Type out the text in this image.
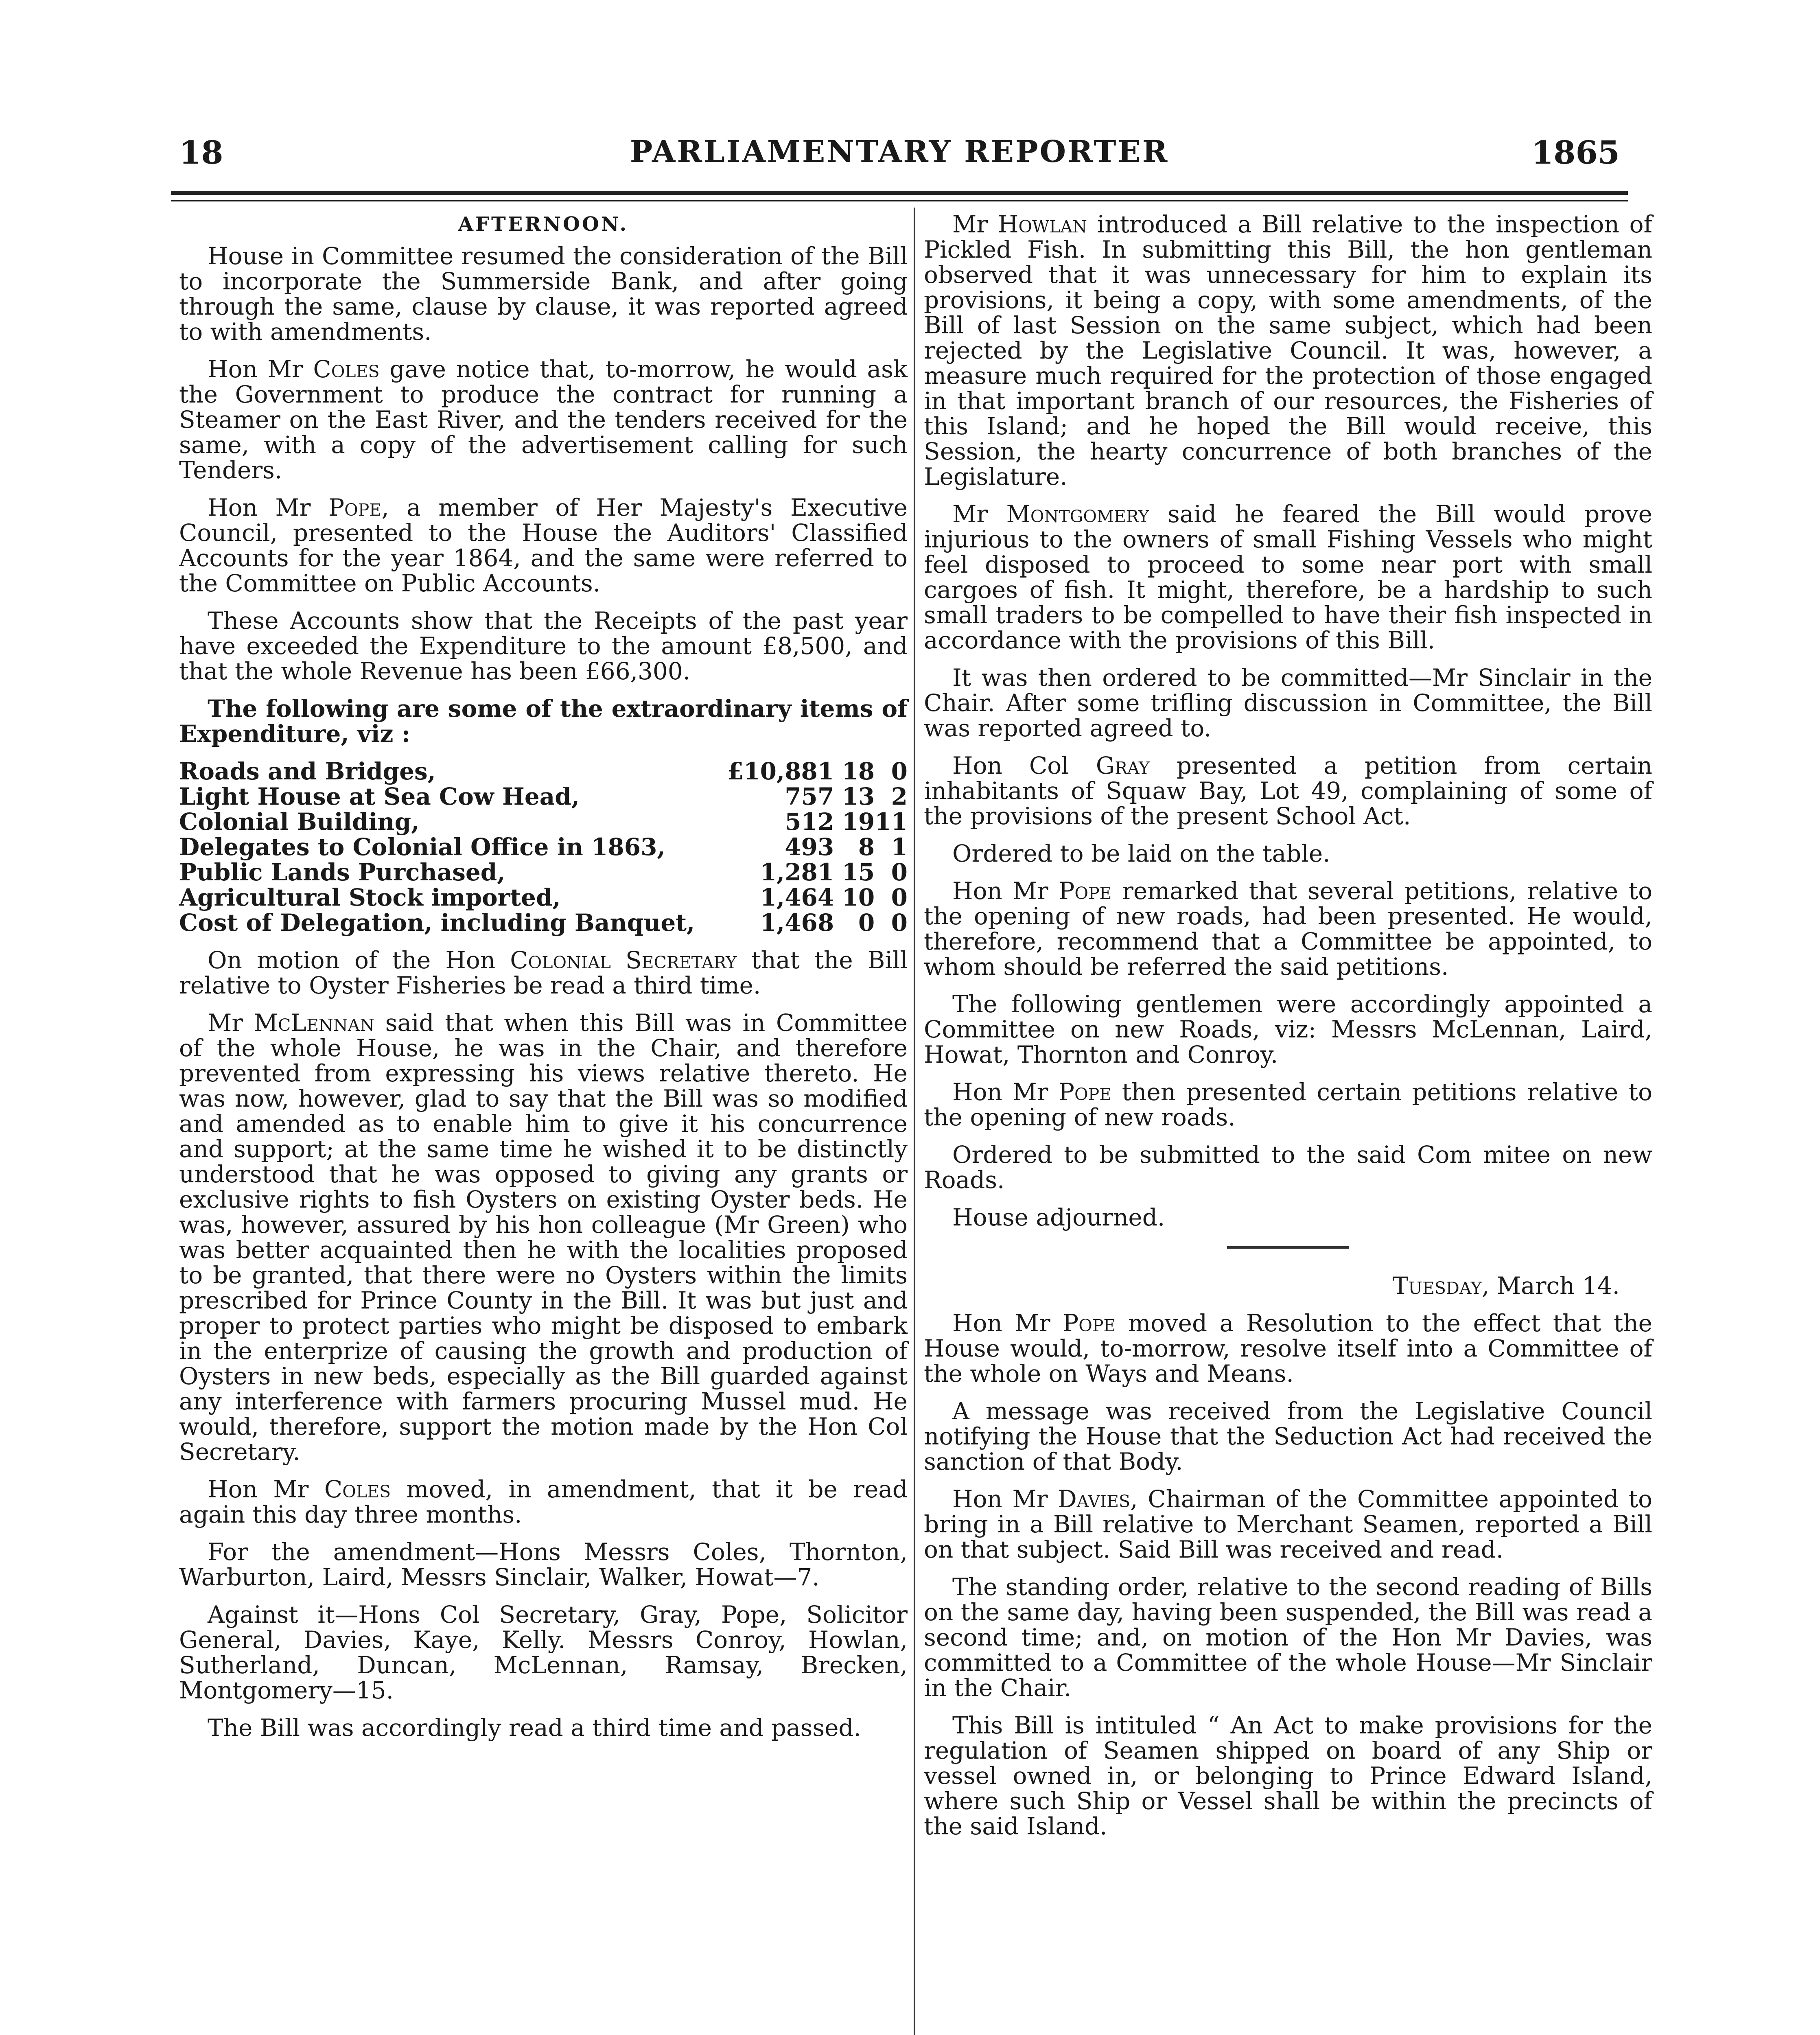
18	PARLIAMENTARY REPORTER	1865
AFTERNOON.

House in Committee resumed the consideration of the Bill to incorporate the Summerside Bank, and after going through the same, clause by clause, it was reported agreed to with amendments.

Hon Mr Coles gave notice that, to-morrow, he would ask the Government to produce the contract for running a Steamer on the East River, and the tenders received for the same, with a copy of the advertisement calling for such Tenders.

Hon Mr Pope, a member of Her Majesty's Executive Council, presented to the House the Auditors' Classified Accounts for the year 1864, and the same were referred to the Committee on Public Accounts.

These Accounts show that the Receipts of the past year have exceeded the Expenditure to the amount £8,500, and that the whole Revenue has been £66,300.

The following are some of the extraordinary items of Expenditure, viz :

Roads and Bridges,	£10,881	18	0
Light House at Sea Cow Head,	757	13	2
Colonial Building,	512	19	11
Delegates to Colonial Office in 1863,	493	8	1
Public Lands Purchased,	1,281	15	0
Agricultural Stock imported,	1,464	10	0
Cost of Delegation, including Banquet,	1,468	0	0

On motion of the Hon Colonial Secretary that the Bill relative to Oyster Fisheries be read a third time.

Mr McLennan said that when this Bill was in Committee of the whole House, he was in the Chair, and therefore prevented from expressing his views relative thereto. He was now, however, glad to say that the Bill was so modified and amended as to enable him to give it his concurrence and support; at the same time he wished it to be distinctly understood that he was opposed to giving any grants or exclusive rights to fish Oysters on existing Oyster beds. He was, however, assured by his hon colleague (Mr Green) who was better acquainted then he with the localities proposed to be granted, that there were no Oysters within the limits prescribed for Prince County in the Bill. It was but just and proper to protect parties who might be disposed to embark in the enterprize of causing the growth and production of Oysters in new beds, especially as the Bill guarded against any interference with farmers procuring Mussel mud. He would, therefore, support the motion made by the Hon Col Secretary.

Hon Mr Coles moved, in amendment, that it be read again this day three months.

For the amendment—Hons Messrs Coles, Thornton, Warburton, Laird, Messrs Sinclair, Walker, Howat—7.

Against it—Hons Col Secretary, Gray, Pope, Solicitor General, Davies, Kaye, Kelly. Messrs Conroy, Howlan, Sutherland, Duncan, McLennan, Ramsay, Brecken, Montgomery—15.

The Bill was accordingly read a third time and passed.

Mr Howlan introduced a Bill relative to the inspection of Pickled Fish. In submitting this Bill, the hon gentleman observed that it was unnecessary for him to explain its provisions, it being a copy, with some amendments, of the Bill of last Session on the same subject, which had been rejected by the Legislative Council. It was, however, a measure much required for the protection of those engaged in that important branch of our resources, the Fisheries of this Island; and he hoped the Bill would receive, this Session, the hearty concurrence of both branches of the Legislature.

Mr Montgomery said he feared the Bill would prove injurious to the owners of small Fishing Vessels who might feel disposed to proceed to some near port with small cargoes of fish. It might, therefore, be a hardship to such small traders to be compelled to have their fish inspected in accordance with the provisions of this Bill.

It was then ordered to be committed—Mr Sinclair in the Chair. After some trifling discussion in Committee, the Bill was reported agreed to.

Hon Col Gray presented a petition from certain inhabitants of Squaw Bay, Lot 49, complaining of some of the provisions of the present School Act.

Ordered to be laid on the table.

Hon Mr Pope remarked that several petitions, relative to the opening of new roads, had been presented. He would, therefore, recommend that a Committee be appointed, to whom should be referred the said petitions.

The following gentlemen were accordingly appointed a Committee on new Roads, viz: Messrs McLennan, Laird, Howat, Thornton and Conroy.

Hon Mr Pope then presented certain petitions relative to the opening of new roads.

Ordered to be submitted to the said Com mitee on new Roads.

House adjourned.

Tuesday, March 14.

Hon Mr Pope moved a Resolution to the effect that the House would, to-morrow, resolve itself into a Committee of the whole on Ways and Means.

A message was received from the Legislative Council notifying the House that the Seduction Act had received the sanction of that Body.

Hon Mr Davies, Chairman of the Committee appointed to bring in a Bill relative to Merchant Seamen, reported a Bill on that subject. Said Bill was received and read.

The standing order, relative to the second reading of Bills on the same day, having been suspended, the Bill was read a second time; and, on motion of the Hon Mr Davies, was committed to a Committee of the whole House—Mr Sinclair in the Chair.

This Bill is intituled “ An Act to make provisions for the regulation of Seamen shipped on board of any Ship or vessel owned in, or belonging to Prince Edward Island, where such Ship or Vessel shall be within the precincts of the said Island.
